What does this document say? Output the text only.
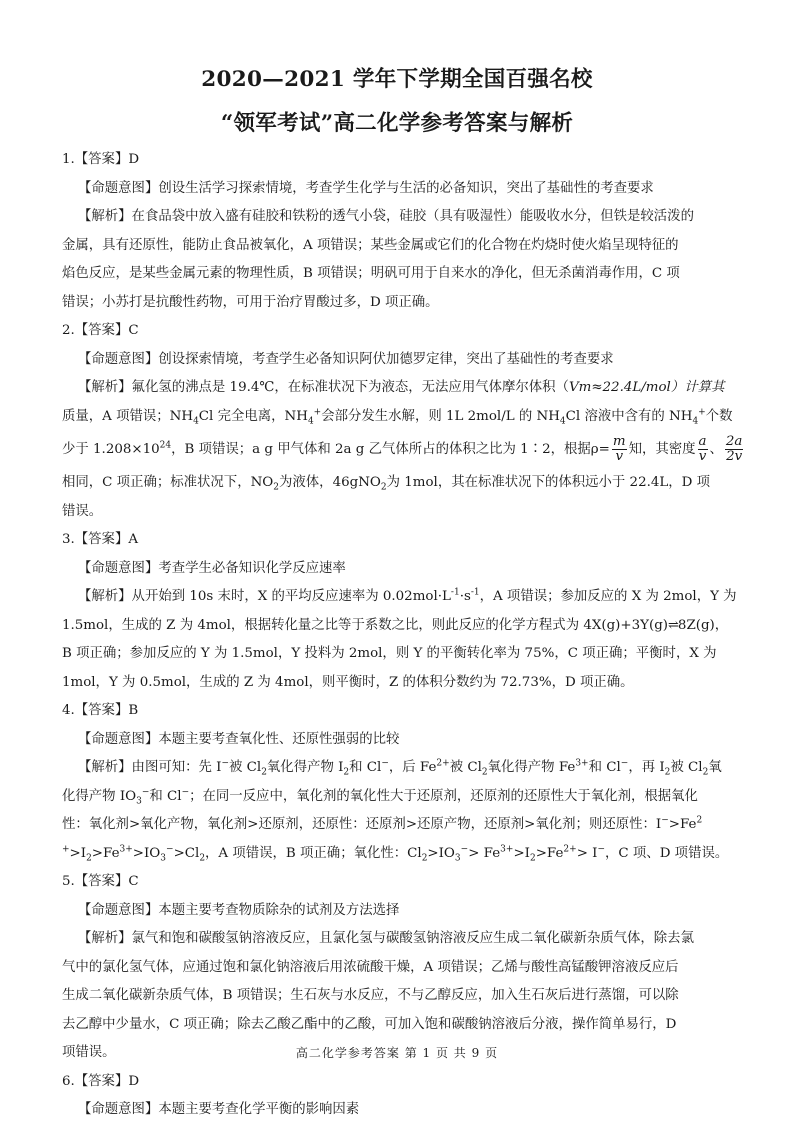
2020—2021 学年下学期全国百强名校
“领军考试”高二化学参考答案与解析
1.【答案】D
【命题意图】创设生活学习探索情境，考查学生化学与生活的必备知识，突出了基础性的考查要求
【解析】在食品袋中放入盛有硅胶和铁粉的透气小袋，硅胶（具有吸湿性）能吸收水分，但铁是较活泼的
金属，具有还原性，能防止食品被氧化，A 项错误；某些金属或它们的化合物在灼烧时使火焰呈现特征的
焰色反应，是某些金属元素的物理性质，B 项错误；明矾可用于自来水的净化，但无杀菌消毒作用，C 项
错误；小苏打是抗酸性药物，可用于治疗胃酸过多，D 项正确。
2.【答案】C
【命题意图】创设探索情境，考查学生必备知识阿伏加德罗定律，突出了基础性的考查要求
【解析】氟化氢的沸点是 19.4℃，在标准状况下为液态，无法应用气体摩尔体积（Vm≈22.4L/mol）计算其
质量，A 项错误；$NH_4Cl$ 完全电离，$NH_4^+$会部分发生水解，则 1L 2mol/L 的 $NH_4Cl$ 溶液中含有的 $NH_4^+$个数
少于 $1.208\times 10^{24}$，B 项错误；a g 甲气体和 2a g 乙气体所占的体积之比为 1∶2，根据$\rho= \frac{m}{v}$ 知，其密度 $\frac{a}{v}$ 、 $\frac{2a}{2v}$
相同，C 项正确；标准状况下，$NO_2$为液体，46gNO$_2$为 1mol，其在标准状况下的体积远小于 22.4L，D 项
错误。
3.【答案】A
【命题意图】考查学生必备知识化学反应速率
【解析】从开始到 10s 末时，X 的平均反应速率为 $0.02mol\cdot L^{-1}\cdot s^{-1}$，A 项错误；参加反应的 X 为 2mol，Y 为
1.5mol，生成的 Z 为 4mol，根据转化量之比等于系数之比，则此反应的化学方程式为 4X(g)+3Y(g)⇌8Z(g)，
B 项正确；参加反应的 Y 为 1.5mol，Y 投料为 2mol，则 Y 的平衡转化率为 75%，C 项正确；平衡时，X 为
1mol，Y 为 0.5mol，生成的 Z 为 4mol，则平衡时，Z 的体积分数约为 72.73%，D 项正确。
4.【答案】B
【命题意图】本题主要考查氧化性、还原性强弱的比较
【解析】由图可知：先 I−被 $Cl_2$氧化得产物 $I_2$和 Cl−，后 $Fe^{2+}$被 $Cl_2$氧化得产物 $Fe^{3+}$和 Cl−，再 $I_2$被 $Cl_2$氧
化得产物 $IO_3^-$和 Cl−；在同一反应中，氧化剂的氧化性大于还原剂，还原剂的还原性大于氧化剂，根据氧化
性：氧化剂>氧化产物，氧化剂>还原剂，还原性：还原剂>还原产物，还原剂>氧化剂；则还原性：$I^->Fe^2$
$^+>I_2>Fe^{3+}>IO_3^->Cl_2$，A 项错误，B 项正确；氧化性：$Cl_2>IO_3^-> Fe^{3+}>I_2>Fe^{2+}> I^-$，C 项、D 项错误。
5.【答案】C
【命题意图】本题主要考查物质除杂的试剂及方法选择
【解析】氯气和饱和碳酸氢钠溶液反应，且氯化氢与碳酸氢钠溶液反应生成二氧化碳新杂质气体，除去氯
气中的氯化氢气体，应通过饱和氯化钠溶液后用浓硫酸干燥，A 项错误；乙烯与酸性高锰酸钾溶液反应后
生成二氧化碳新杂质气体，B 项错误；生石灰与水反应，不与乙醇反应，加入生石灰后进行蒸馏，可以除
去乙醇中少量水，C 项正确；除去乙酸乙酯中的乙酸，可加入饱和碳酸钠溶液后分液，操作简单易行，D
项错误。
6.【答案】D
【命题意图】本题主要考查化学平衡的影响因素
高二化学参考答案 第 1 页 共 9 页
